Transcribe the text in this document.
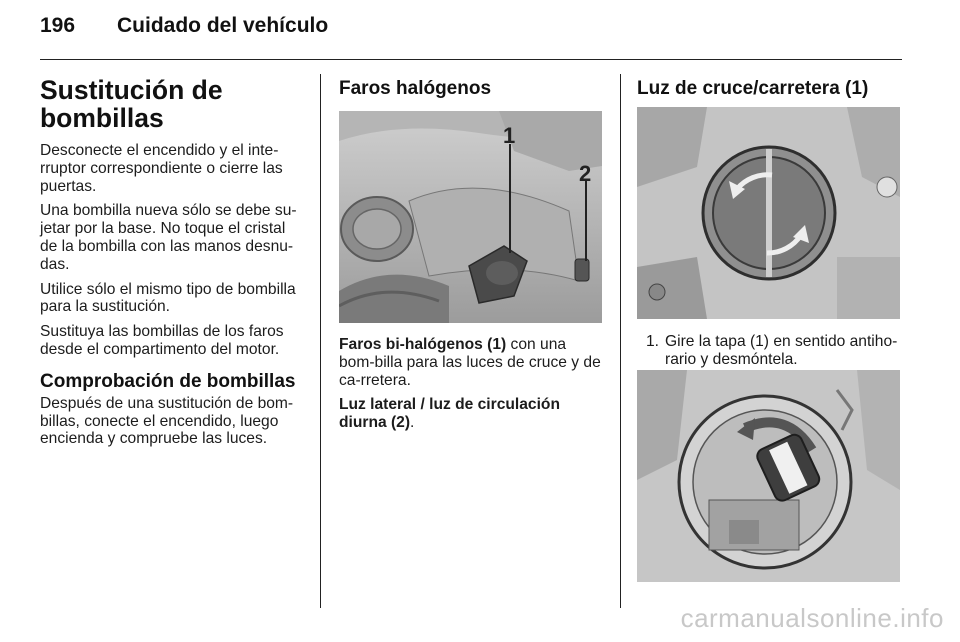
196 Cuidado del vehículo
Sustitución de bombillas

Desconecte el encendido y el inte-rruptor correspondiente o cierre las puertas.

Una bombilla nueva sólo se debe su-jetar por la base. No toque el cristal de la bombilla con las manos desnu-das.

Utilice sólo el mismo tipo de bombilla para la sustitución.

Sustituya las bombillas de los faros desde el compartimento del motor.

Comprobación de bombillas

Después de una sustitución de bom-billas, conecte el encendido, luego encienda y compruebe las luces.

Faros halógenos
1
2

Faros bi-halógenos (1) con una bom-billa para las luces de cruce y de ca-rretera.

Luz lateral / luz de circulación diurna (2).

Luz de cruce/carretera (1)
1. Gire la tapa (1) en sentido antiho-rario y desmóntela.
carmanualsonline.info
